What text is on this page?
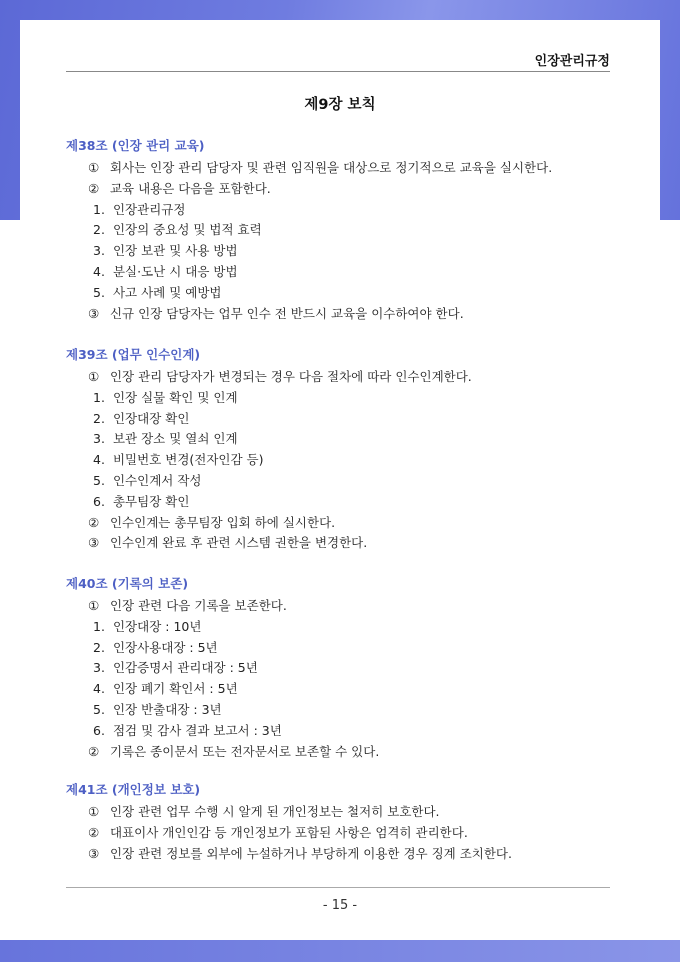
인장관리규정
제9장 보칙
제38조 (인장 관리 교육)
① 회사는 인장 관리 담당자 및 관련 임직원을 대상으로 정기적으로 교육을 실시한다.
② 교육 내용은 다음을 포함한다.
1. 인장관리규정
2. 인장의 중요성 및 법적 효력
3. 인장 보관 및 사용 방법
4. 분실·도난 시 대응 방법
5. 사고 사례 및 예방법
③ 신규 인장 담당자는 업무 인수 전 반드시 교육을 이수하여야 한다.
제39조 (업무 인수인계)
① 인장 관리 담당자가 변경되는 경우 다음 절차에 따라 인수인계한다.
1. 인장 실물 확인 및 인계
2. 인장대장 확인
3. 보관 장소 및 열쇠 인계
4. 비밀번호 변경(전자인감 등)
5. 인수인계서 작성
6. 총무팀장 확인
② 인수인계는 총무팀장 입회 하에 실시한다.
③ 인수인계 완료 후 관련 시스템 권한을 변경한다.
제40조 (기록의 보존)
① 인장 관련 다음 기록을 보존한다.
1. 인장대장 : 10년
2. 인장사용대장 : 5년
3. 인감증명서 관리대장 : 5년
4. 인장 폐기 확인서 : 5년
5. 인장 반출대장 : 3년
6. 점검 및 감사 결과 보고서 : 3년
② 기록은 종이문서 또는 전자문서로 보존할 수 있다.
제41조 (개인정보 보호)
① 인장 관련 업무 수행 시 알게 된 개인정보는 철저히 보호한다.
② 대표이사 개인인감 등 개인정보가 포함된 사항은 엄격히 관리한다.
③ 인장 관련 정보를 외부에 누설하거나 부당하게 이용한 경우 징계 조치한다.
- 15 -
